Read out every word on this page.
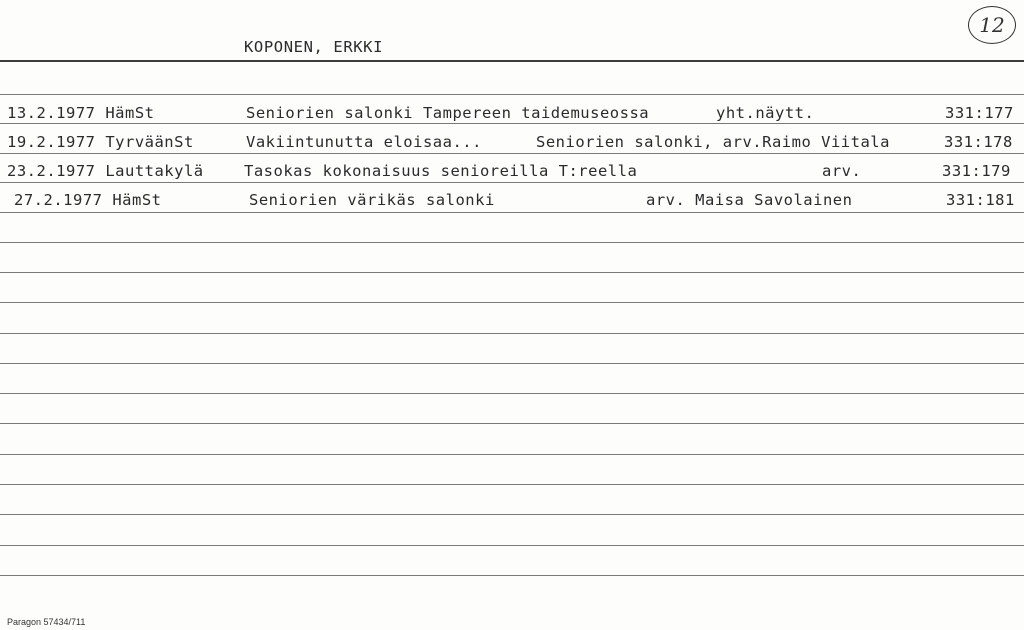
KOPONEN, ERKKI
12
13.2.1977 HämSt	Seniorien salonki Tampereen taidemuseossa	yht.näytt.	331:177
19.2.1977 TyrväänSt	Vakiintunutta eloisaa...	Seniorien salonki, arv.Raimo Viitala	331:178
23.2.1977 Lauttakylä	Tasokas kokonaisuus senioreilla T:reella	arv.	331:179
27.2.1977 HämSt	Seniorien värikäs salonki	arv. Maisa Savolainen	331:181
Paragon 57434/711
